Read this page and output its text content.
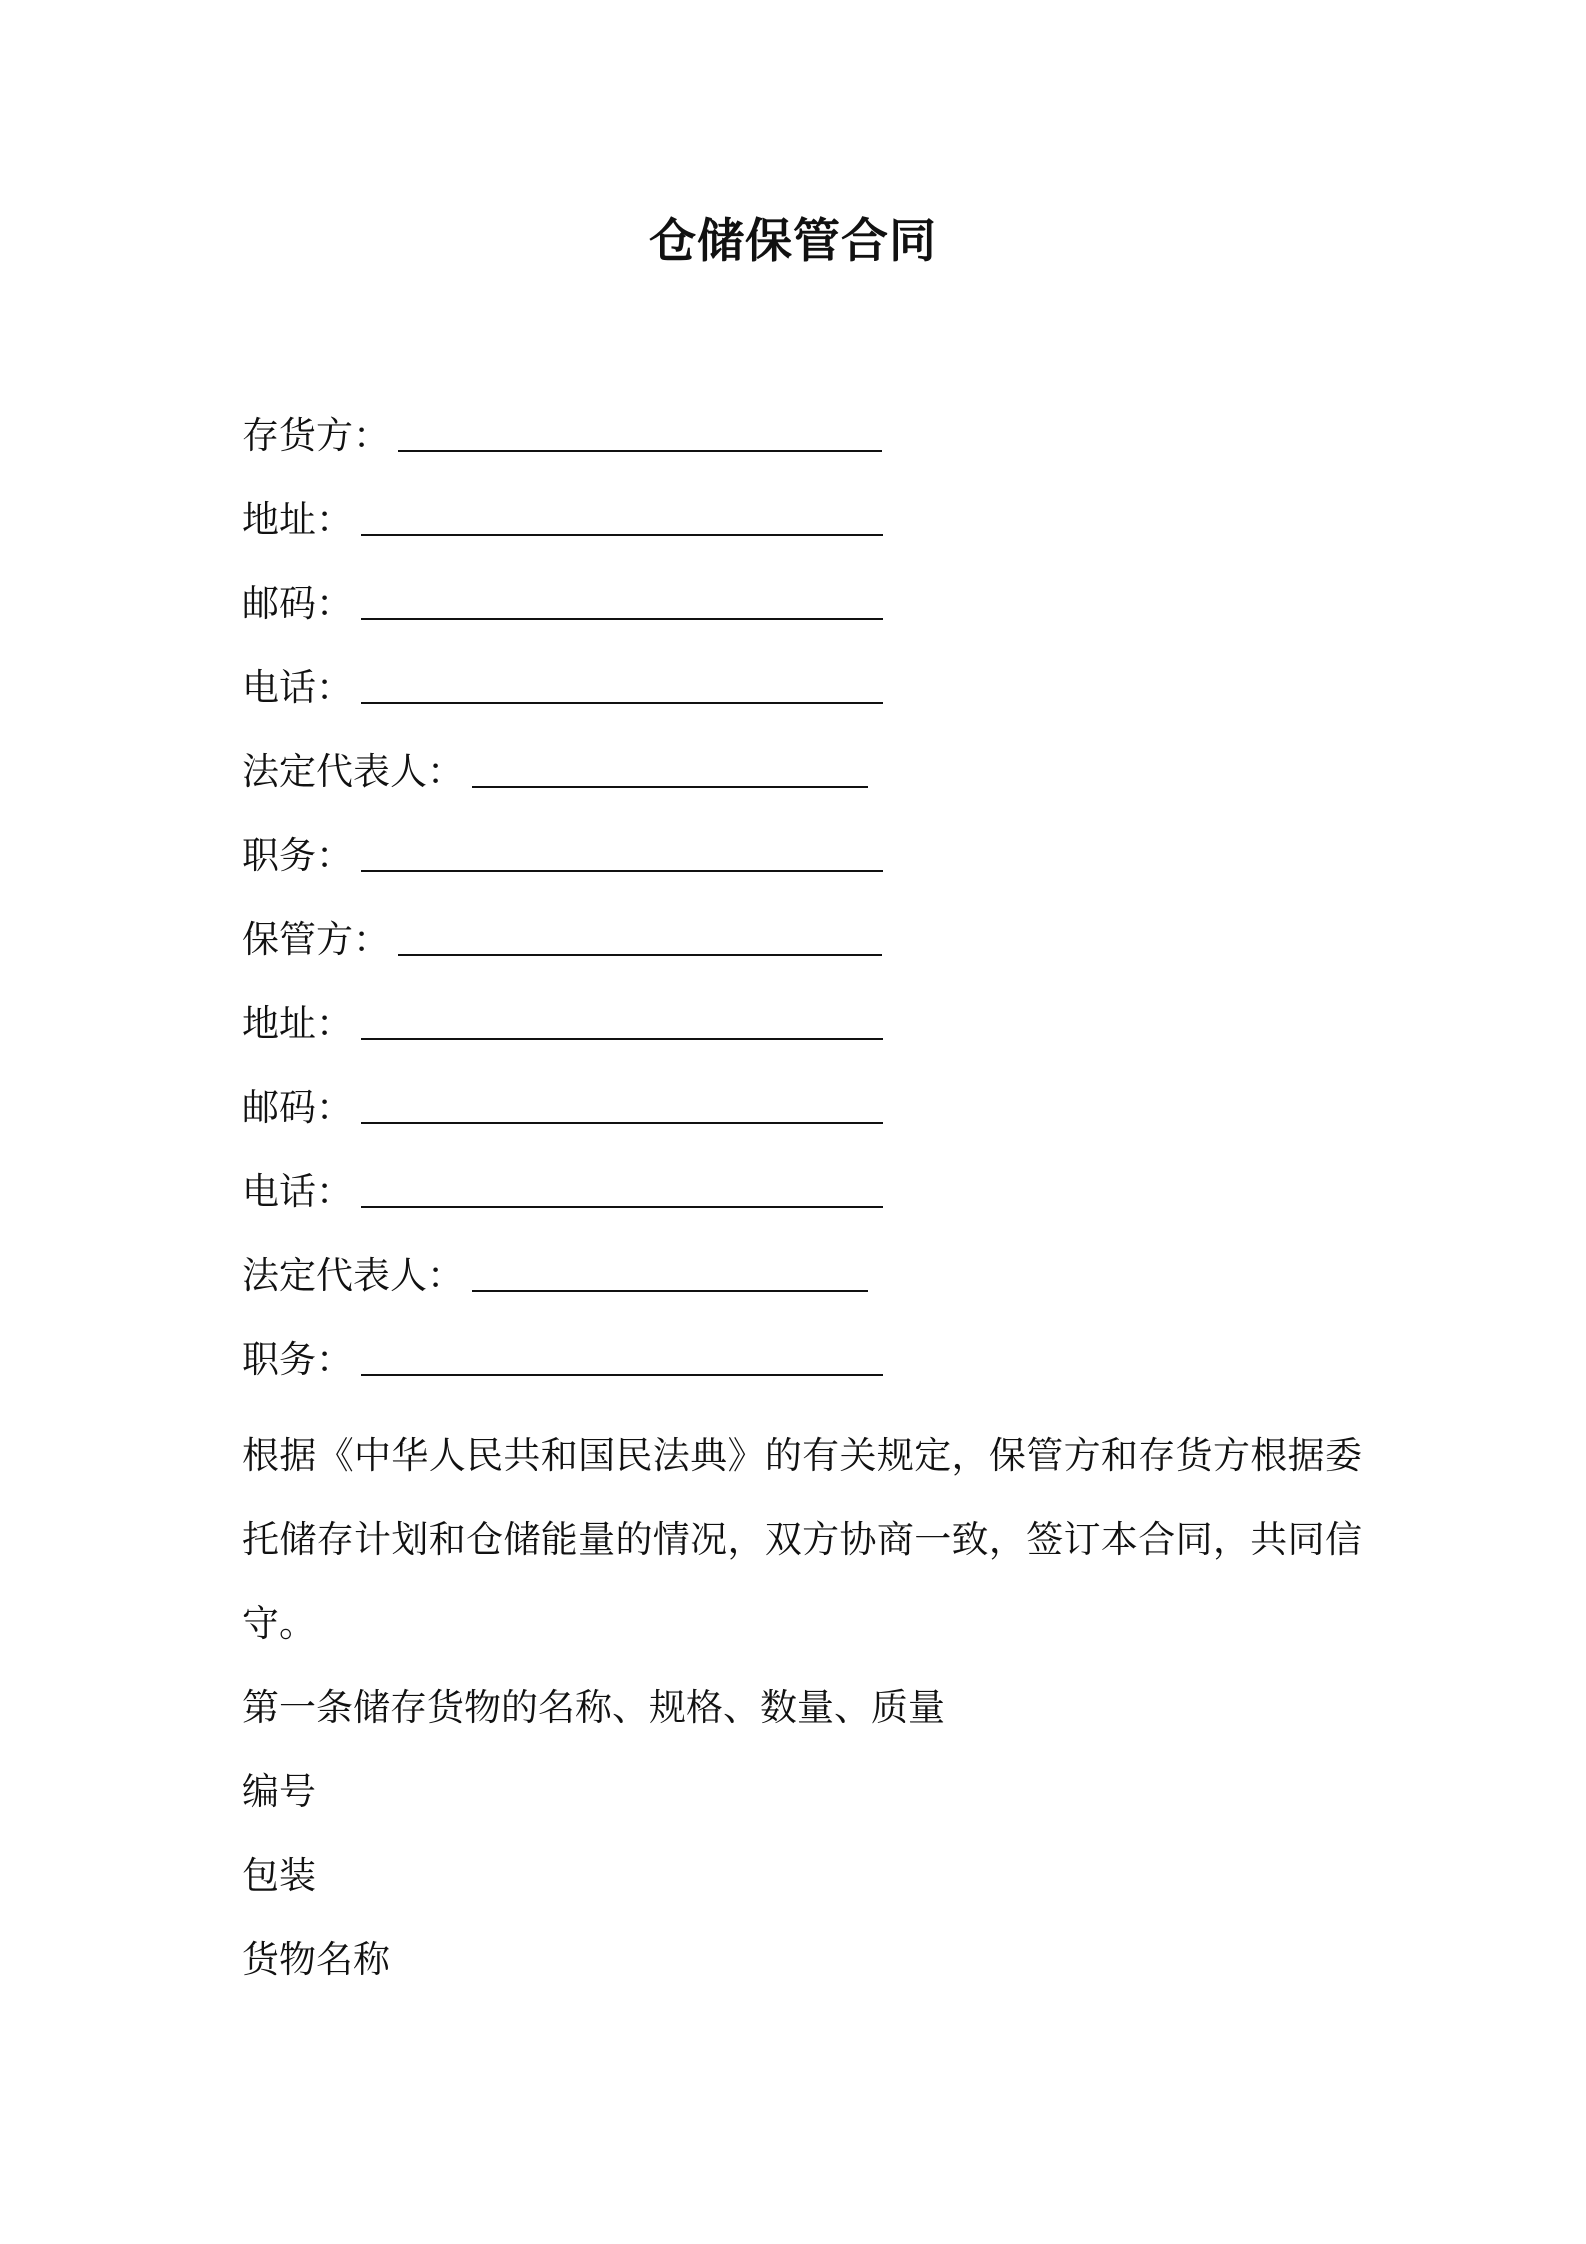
仓储保管合同
存货方：
地址：
邮码：
电话：
法定代表人：
职务：
保管方：
地址：
邮码：
电话：
法定代表人：
职务：

根据《中华人民共和国民法典》的有关规定，保管方和存货方根据委托储存计划和仓储能量的情况，双方协商一致，签订本合同，共同信守。

第一条储存货物的名称、规格、数量、质量
编号
包装
货物名称
